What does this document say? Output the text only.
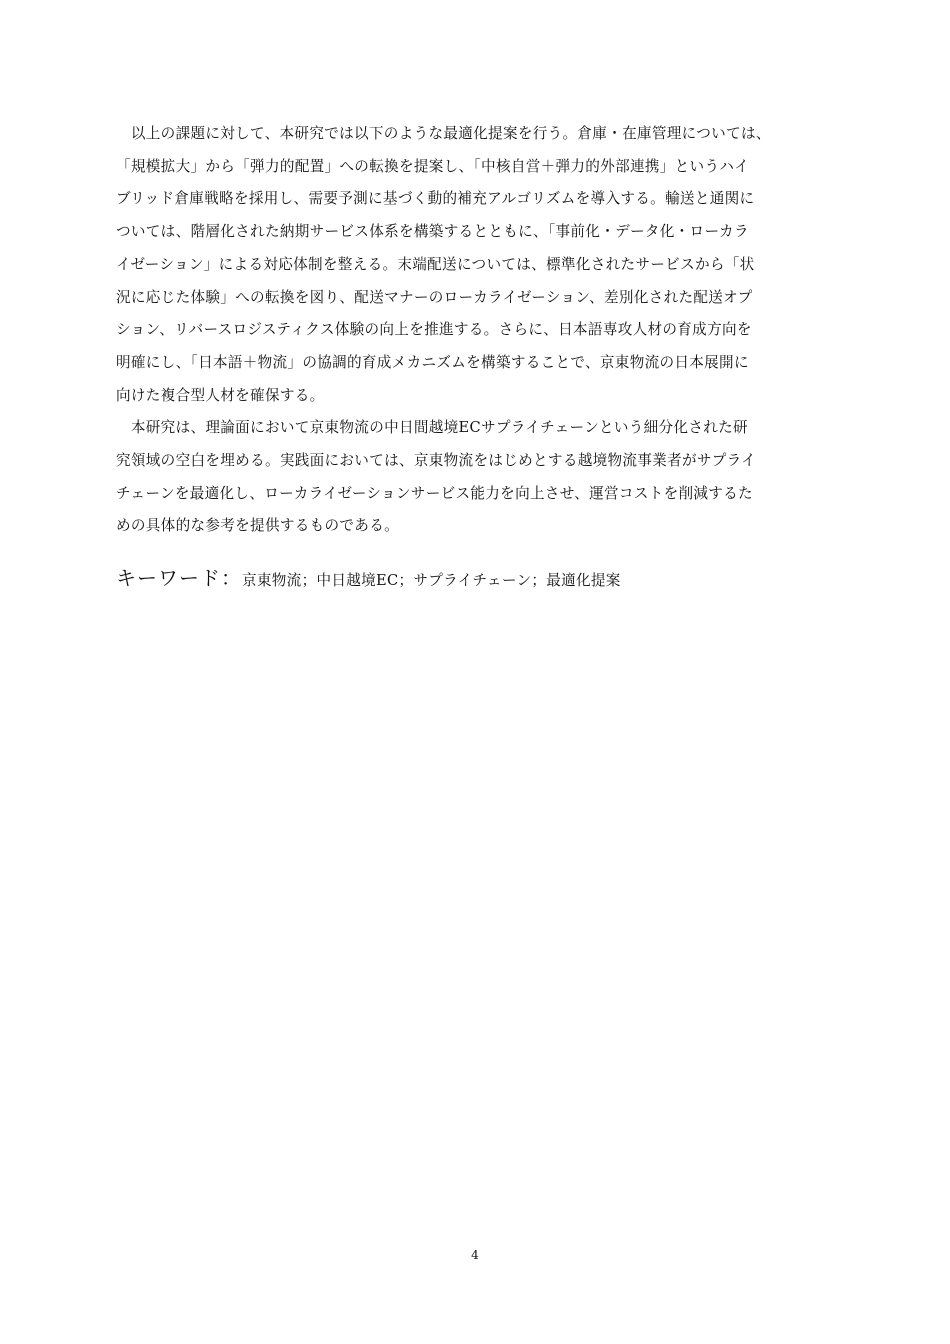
　以上の課題に対して、本研究では以下のような最適化提案を行う。倉庫・在庫管理については、
「規模拡大」から「弾力的配置」への転換を提案し、「中核自営＋弾力的外部連携」というハイ
ブリッド倉庫戦略を採用し、需要予測に基づく動的補充アルゴリズムを導入する。輸送と通関に
ついては、階層化された納期サービス体系を構築するとともに、「事前化・データ化・ローカラ
イゼーション」による対応体制を整える。末端配送については、標準化されたサービスから「状
況に応じた体験」への転換を図り、配送マナーのローカライゼーション、差別化された配送オプ
ション、リバースロジスティクス体験の向上を推進する。さらに、日本語専攻人材の育成方向を
明確にし、「日本語＋物流」の協調的育成メカニズムを構築することで、京東物流の日本展開に
向けた複合型人材を確保する。
　本研究は、理論面において京東物流の中日間越境ECサプライチェーンという細分化された研
究領域の空白を埋める。実践面においては、京東物流をはじめとする越境物流事業者がサプライ
チェーンを最適化し、ローカライゼーションサービス能力を向上させ、運営コストを削減するた
めの具体的な参考を提供するものである。
キーワード： 京東物流；中日越境EC；サプライチェーン；最適化提案
4
